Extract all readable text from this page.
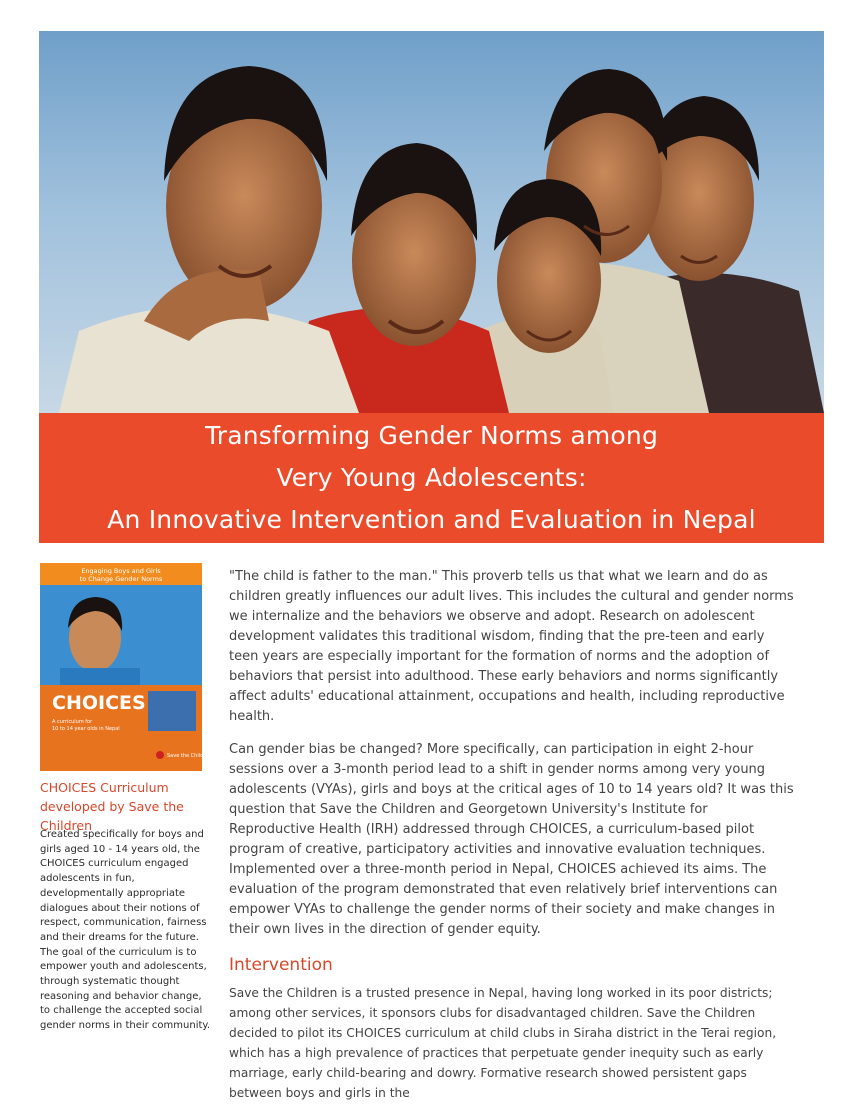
Transforming Gender Norms among
Very Young Adolescents:
An Innovative Intervention and Evaluation in Nepal
Engaging Boys and Girls
to Change Gender Norms
CHOICES
A curriculum for
10 to 14 year olds in Nepal
Save the Children
CHOICES Curriculum developed by Save the Children
Created specifically for boys and girls aged 10 - 14 years old, the CHOICES curriculum engaged adolescents in fun, developmentally appropriate dialogues about their notions of respect, communication, fairness and their dreams for the future. The goal of the curriculum is to empower youth and adolescents, through systematic thought reasoning and behavior change, to challenge the accepted social gender norms in their community.

"The child is father to the man." This proverb tells us that what we learn and do as children greatly influences our adult lives. This includes the cultural and gender norms we internalize and the behaviors we observe and adopt. Research on adolescent development validates this traditional wisdom, finding that the pre-teen and early teen years are especially important for the formation of norms and the adoption of behaviors that persist into adulthood. These early behaviors and norms significantly affect adults' educational attainment, occupations and health, including reproductive health.

Can gender bias be changed? More specifically, can participation in eight 2-hour sessions over a 3-month period lead to a shift in gender norms among very young adolescents (VYAs), girls and boys at the critical ages of 10 to 14 years old? It was this question that Save the Children and Georgetown University's Institute for Reproductive Health (IRH) addressed through CHOICES, a curriculum-based pilot program of creative, participatory activities and innovative evaluation techniques. Implemented over a three-month period in Nepal, CHOICES achieved its aims. The evaluation of the program demonstrated that even relatively brief interventions can empower VYAs to challenge the gender norms of their society and make changes in their own lives in the direction of gender equity.

Intervention

Save the Children is a trusted presence in Nepal, having long worked in its poor districts; among other services, it sponsors clubs for disadvantaged children. Save the Children decided to pilot its CHOICES curriculum at child clubs in Siraha district in the Terai region, which has a high prevalence of practices that perpetuate gender inequity such as early marriage, early child-bearing and dowry. Formative research showed persistent gaps between boys and girls in the
